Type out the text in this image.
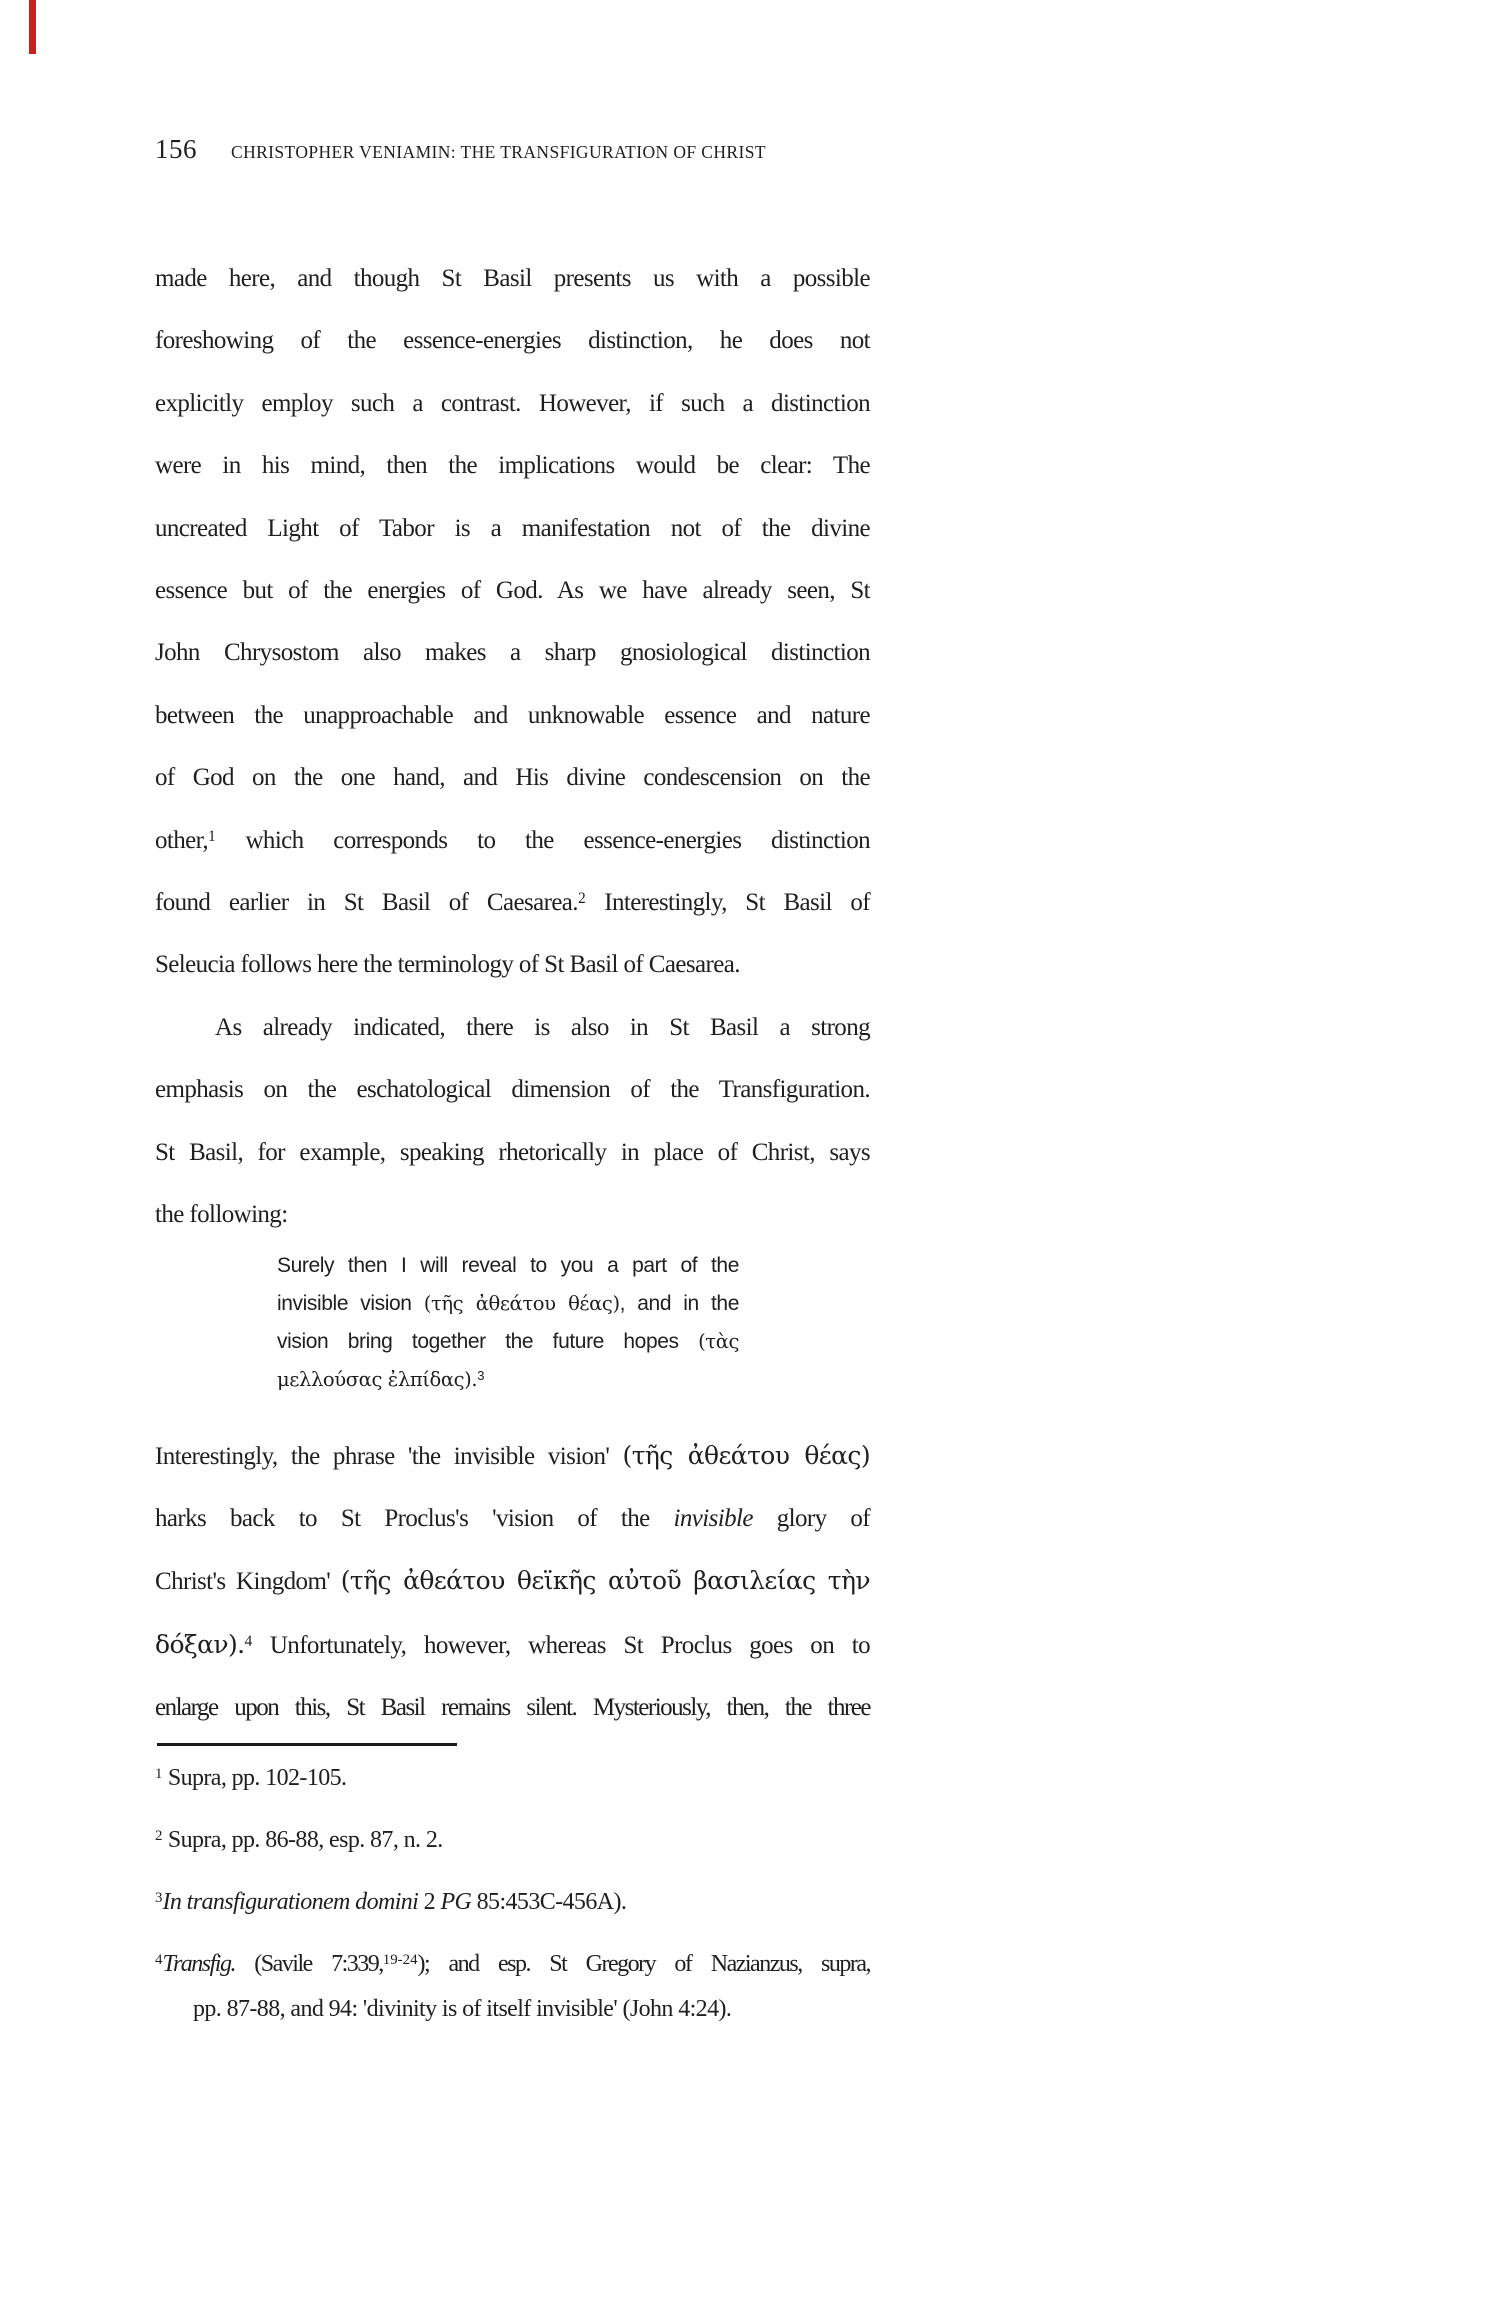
156 CHRISTOPHER VENIAMIN: THE TRANSFIGURATION OF CHRIST
made here, and though St Basil presents us with a possible
foreshowing of the essence-energies distinction, he does not
explicitly employ such a contrast. However, if such a distinction
were in his mind, then the implications would be clear: The
uncreated Light of Tabor is a manifestation not of the divine
essence but of the energies of God. As we have already seen, St
John Chrysostom also makes a sharp gnosiological distinction
between the unapproachable and unknowable essence and nature
of God on the one hand, and His divine condescension on the
other,$^1$ which corresponds to the essence-energies distinction
found earlier in St Basil of Caesarea.$^2$ Interestingly, St Basil of
Seleucia follows here the terminology of St Basil of Caesarea.
As already indicated, there is also in St Basil a strong
emphasis on the eschatological dimension of the Transfiguration.
St Basil, for example, speaking rhetorically in place of Christ, says
the following:
Surely then I will reveal to you a part of the
invisible vision (τῆς ἀθεάτου θέας), and in the
vision bring together the future hopes (τὰς
μελλούσας ἐλπίδας).$^3$
Interestingly, the phrase 'the invisible vision' (τῆς ἀθεάτου θέας)
harks back to St Proclus's 'vision of the invisible glory of
Christ's Kingdom' (τῆς ἀθεάτου θεϊκῆς αὐτοῦ βασιλείας τὴν
δόξαν).$^4$ Unfortunately, however, whereas St Proclus goes on to
enlarge upon this, St Basil remains silent. Mysteriously, then, the three
$^1$ Supra, pp. 102-105.
$^2$ Supra, pp. 86-88, esp. 87, n. 2.
$^3$In transfigurationem domini 2 PG 85:453C-456A).
$^4$Transfig. (Savile 7:339,$^{19-24}$); and esp. St Gregory of Nazianzus, supra,
pp. 87-88, and 94: 'divinity is of itself invisible' (John 4:24).
